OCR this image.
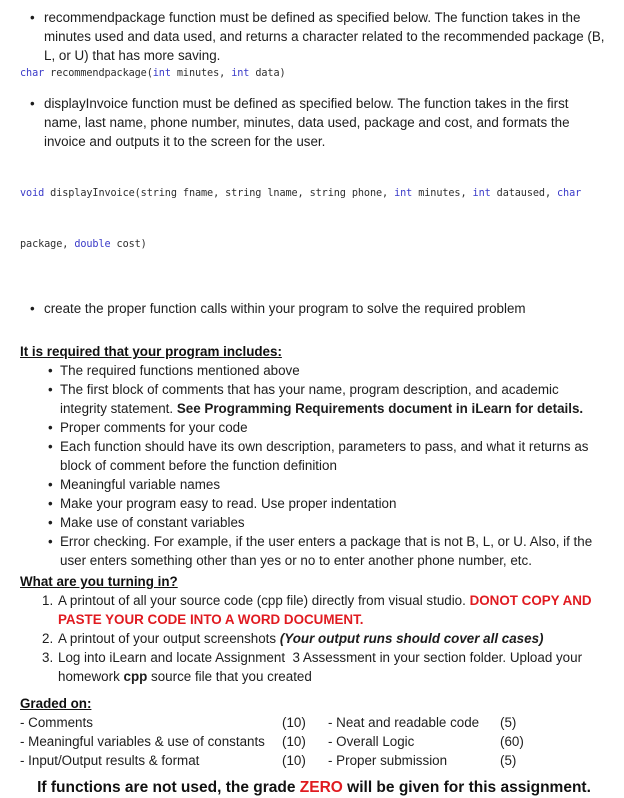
• recommendpackage function must be defined as specified below. The function takes in the minutes used and data used, and returns a character related to the recommended package (B, L, or U) that has more saving.
char recommendpackage(int minutes, int data)
• displayInvoice function must be defined as specified below. The function takes in the first name, last name, phone number, minutes, data used, package and cost, and formats the invoice and outputs it to the screen for the user.

void displayInvoice(string fname, string lname, string phone, int minutes, int dataused, char

package, double cost)

• create the proper function calls within your program to solve the required problem
It is required that your program includes:
• The required functions mentioned above
• The first block of comments that has your name, program description, and academic integrity statement. See Programming Requirements document in iLearn for details.
• Proper comments for your code
• Each function should have its own description, parameters to pass, and what it returns as block of comment before the function definition
• Meaningful variable names
• Make your program easy to read. Use proper indentation
• Make use of constant variables
• Error checking. For example, if the user enters a package that is not B, L, or U. Also, if the user enters something other than yes or no to enter another phone number, etc.
What are you turning in?
1. A printout of all your source code (cpp file) directly from visual studio. DONOT COPY AND PASTE YOUR CODE INTO A WORD DOCUMENT.
2. A printout of your output screenshots (Your output runs should cover all cases)
3. Log into iLearn and locate Assignment  3 Assessment in your section folder. Upload your homework cpp source file that you created
Graded on:
- Comments	(10)	- Neat and readable code	(5)
- Meaningful variables & use of constants	(10)	- Overall Logic	(60)
- Input/Output results & format	(10)	- Proper submission	(5)
If functions are not used, the grade ZERO will be given for this assignment.
